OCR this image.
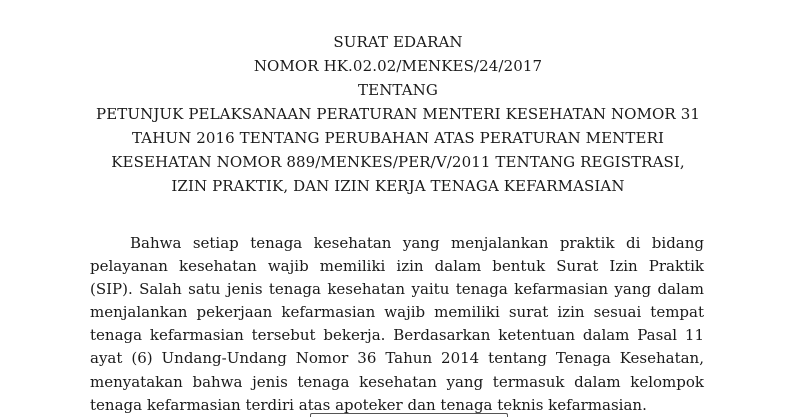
SURAT EDARAN
NOMOR HK.02.02/MENKES/24/2017
TENTANG
PETUNJUK PELAKSANAAN PERATURAN MENTERI KESEHATAN NOMOR 31
TAHUN 2016 TENTANG PERUBAHAN ATAS PERATURAN MENTERI
KESEHATAN NOMOR 889/MENKES/PER/V/2011 TENTANG REGISTRASI,
IZIN PRAKTIK, DAN IZIN KERJA TENAGA KEFARMASIAN
Bahwa setiap tenaga kesehatan yang menjalankan praktik di bidang
pelayanan kesehatan wajib memiliki izin dalam bentuk Surat Izin Praktik
(SIP). Salah satu jenis tenaga kesehatan yaitu tenaga kefarmasian yang dalam
menjalankan pekerjaan kefarmasian wajib memiliki surat izin sesuai tempat
tenaga kefarmasian tersebut bekerja. Berdasarkan ketentuan dalam Pasal 11
ayat (6) Undang-Undang Nomor 36 Tahun 2014 tentang Tenaga Kesehatan,
menyatakan bahwa jenis tenaga kesehatan yang termasuk dalam kelompok
tenaga kefarmasian terdiri atas apoteker dan tenaga teknis kefarmasian.
